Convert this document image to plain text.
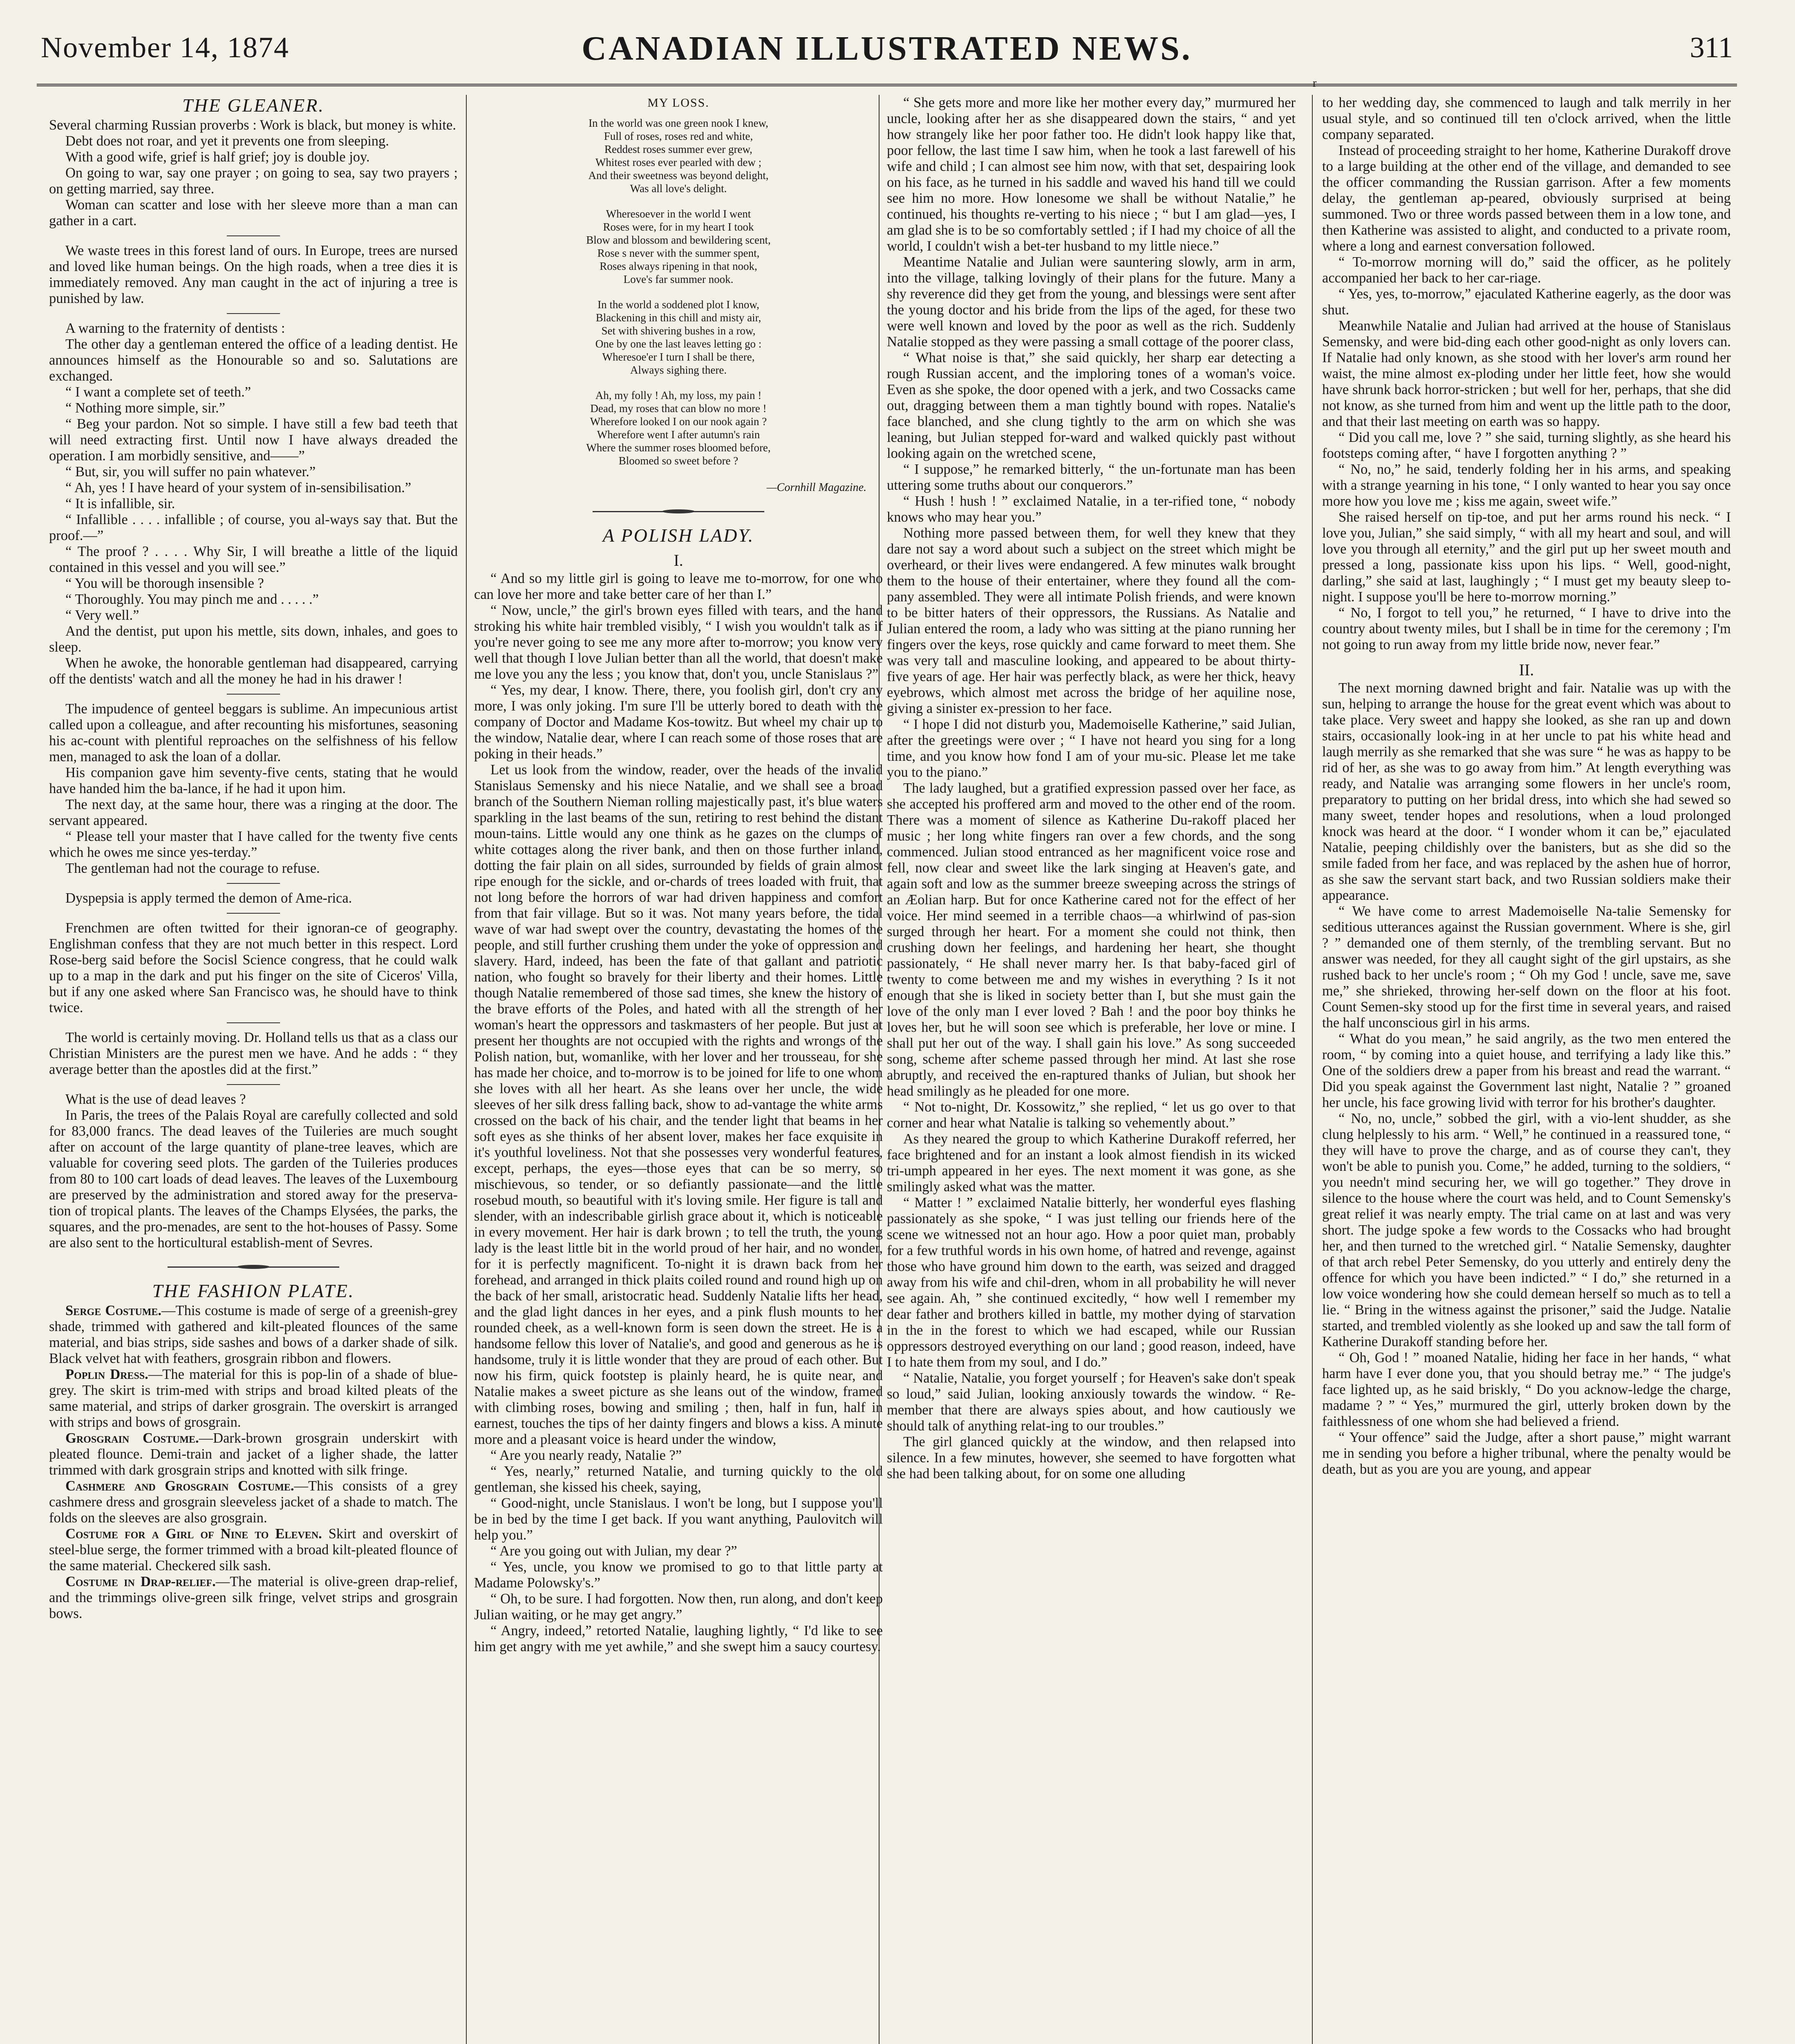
November 14, 1874	CANADIAN ILLUSTRATED NEWS.	311
r
THE GLEANER.

Several charming Russian proverbs : Work is black, but money is white.

Debt does not roar, and yet it prevents one from sleeping.

With a good wife, grief is half grief; joy is double joy.

On going to war, say one prayer ; on going to sea, say two prayers ; on getting married, say three.

Woman can scatter and lose with her sleeve more than a man can gather in a cart.

We waste trees in this forest land of ours. In Europe, trees are nursed and loved like human beings. On the high roads, when a tree dies it is immediately removed. Any man caught in the act of injuring a tree is punished by law.

A warning to the fraternity of dentists :

The other day a gentleman entered the office of a leading dentist. He announces himself as the Honourable so and so. Salutations are exchanged.

“ I want a complete set of teeth.”

“ Nothing more simple, sir.”

“ Beg your pardon. Not so simple. I have still a few bad teeth that will need extracting first. Until now I have always dreaded the operation. I am morbidly sensitive, and——”

“ But, sir, you will suffer no pain whatever.”

“ Ah, yes ! I have heard of your system of in-sensibilisation.”

“ It is infallible, sir.

“ Infallible . . . . infallible ; of course, you al-ways say that. But the proof.—”

“ The proof ? . . . . Why Sir, I will breathe a little of the liquid contained in this vessel and you will see.”

“ You will be thorough insensible ?

“ Thoroughly. You may pinch me and . . . . .”

“ Very well.”

And the dentist, put upon his mettle, sits down, inhales, and goes to sleep.

When he awoke, the honorable gentleman had disappeared, carrying off the dentists' watch and all the money he had in his drawer !

The impudence of genteel beggars is sublime. An impecunious artist called upon a colleague, and after recounting his misfortunes, seasoning his ac-count with plentiful reproaches on the selfishness of his fellow men, managed to ask the loan of a dollar.

His companion gave him seventy-five cents, stating that he would have handed him the ba-lance, if he had it upon him.

The next day, at the same hour, there was a ringing at the door. The servant appeared.

“ Please tell your master that I have called for the twenty five cents which he owes me since yes-terday.”

The gentleman had not the courage to refuse.

Dyspepsia is apply termed the demon of Ame-rica.

Frenchmen are often twitted for their ignoran-ce of geography. Englishman confess that they are not much better in this respect. Lord Rose-berg said before the Socisl Science congress, that he could walk up to a map in the dark and put his finger on the site of Ciceros' Villa, but if any one asked where San Francisco was, he should have to think twice.

The world is certainly moving. Dr. Holland tells us that as a class our Christian Ministers are the purest men we have. And he adds : “ they average better than the apostles did at the first.”

What is the use of dead leaves ?

In Paris, the trees of the Palais Royal are carefully collected and sold for 83,000 francs. The dead leaves of the Tuileries are much sought after on account of the large quantity of plane-tree leaves, which are valuable for covering seed plots. The garden of the Tuileries produces from 80 to 100 cart loads of dead leaves. The leaves of the Luxembourg are preserved by the administration and stored away for the preserva-tion of tropical plants. The leaves of the Champs Elysées, the parks, the squares, and the pro-menades, are sent to the hot-houses of Passy. Some are also sent to the horticultural establish-ment of Sevres.

THE FASHION PLATE.

Serge Costume.—This costume is made of serge of a greenish-grey shade, trimmed with gathered and kilt-pleated flounces of the same material, and bias strips, side sashes and bows of a darker shade of silk. Black velvet hat with feathers, grosgrain ribbon and flowers.

Poplin Dress.—The material for this is pop-lin of a shade of blue-grey. The skirt is trim-med with strips and broad kilted pleats of the same material, and strips of darker grosgrain. The overskirt is arranged with strips and bows of grosgrain.

Grosgrain Costume.—Dark-brown grosgrain underskirt with pleated flounce. Demi-train and jacket of a ligher shade, the latter trimmed with dark grosgrain strips and knotted with silk fringe.

Cashmere and Grosgrain Costume.—This consists of a grey cashmere dress and grosgrain sleeveless jacket of a shade to match. The folds on the sleeves are also grosgrain.

Costume for a Girl of Nine to Eleven. Skirt and overskirt of steel-blue serge, the former trimmed with a broad kilt-pleated flounce of the same material. Checkered silk sash.

Costume in Drap-relief.—The material is olive-green drap-relief, and the trimmings olive-green silk fringe, velvet strips and grosgrain bows.

MY LOSS.
In the world was one green nook I knew,
Full of roses, roses red and white,
Reddest roses summer ever grew,
Whitest roses ever pearled with dew ;
And their sweetness was beyond delight,
Was all love's delight.
Wheresoever in the world I went
Roses were, for in my heart I took
Blow and blossom and bewildering scent,
Rose s never with the summer spent,
Roses always ripening in that nook,
Love's far summer nook.
In the world a soddened plot I know,
Blackening in this chill and misty air,
Set with shivering bushes in a row,
One by one the last leaves letting go :
Wheresoe'er I turn I shall be there,
Always sighing there.
Ah, my folly ! Ah, my loss, my pain !
Dead, my roses that can blow no more !
Wherefore looked I on our nook again ?
Wherefore went I after autumn's rain
Where the summer roses bloomed before,
Bloomed so sweet before ?
—Cornhill Magazine.
A POLISH LADY.
I.

“ And so my little girl is going to leave me to-morrow, for one who can love her more and take better care of her than I.”

“ Now, uncle,” the girl's brown eyes filled with tears, and the hand stroking his white hair trembled visibly, “ I wish you wouldn't talk as if you're never going to see me any more after to-morrow; you know very well that though I love Julian better than all the world, that doesn't make me love you any the less ; you know that, don't you, uncle Stanislaus ?”

“ Yes, my dear, I know. There, there, you foolish girl, don't cry any more, I was only joking. I'm sure I'll be utterly bored to death with the company of Doctor and Madame Kos-towitz. But wheel my chair up to the window, Natalie dear, where I can reach some of those roses that are poking in their heads.”

Let us look from the window, reader, over the heads of the invalid Stanislaus Semensky and his niece Natalie, and we shall see a broad branch of the Southern Nieman rolling majestically past, it's blue waters sparkling in the last beams of the sun, retiring to rest behind the distant moun-tains. Little would any one think as he gazes on the clumps of white cottages along the river bank, and then on those further inland, dotting the fair plain on all sides, surrounded by fields of grain almost ripe enough for the sickle, and or-chards of trees loaded with fruit, that not long before the horrors of war had driven happiness and comfort from that fair village. But so it was. Not many years before, the tidal wave of war had swept over the country, devastating the homes of the people, and still further crushing them under the yoke of oppression and slavery. Hard, indeed, has been the fate of that gallant and patriotic nation, who fought so bravely for their liberty and their homes. Little though Natalie remembered of those sad times, she knew the history of the brave efforts of the Poles, and hated with all the strength of her woman's heart the oppressors and taskmasters of her people. But just at present her thoughts are not occupied with the rights and wrongs of the Polish nation, but, womanlike, with her lover and her trousseau, for she has made her choice, and to-morrow is to be joined for life to one whom she loves with all her heart. As she leans over her uncle, the wide sleeves of her silk dress falling back, show to ad-vantage the white arms crossed on the back of his chair, and the tender light that beams in her soft eyes as she thinks of her absent lover, makes her face exquisite in it's youthful loveliness. Not that she possesses very wonderful features, except, perhaps, the eyes—those eyes that can be so merry, so mischievous, so tender, or so defiantly passionate—and the little rosebud mouth, so beautiful with it's loving smile. Her figure is tall and slender, with an indescribable girlish grace about it, which is noticeable in every movement. Her hair is dark brown ; to tell the truth, the young lady is the least little bit in the world proud of her hair, and no wonder, for it is perfectly magnificent. To-night it is drawn back from her forehead, and arranged in thick plaits coiled round and round high up on the back of her small, aristocratic head. Suddenly Natalie lifts her head, and the glad light dances in her eyes, and a pink flush mounts to her rounded cheek, as a well-known form is seen down the street. He is a handsome fellow this lover of Natalie's, and good and generous as he is handsome, truly it is little wonder that they are proud of each other. But now his firm, quick footstep is plainly heard, he is quite near, and Natalie makes a sweet picture as she leans out of the window, framed with climbing roses, bowing and smiling ; then, half in fun, half in earnest, touches the tips of her dainty fingers and blows a kiss. A minute more and a pleasant voice is heard under the window,

“ Are you nearly ready, Natalie ?”

“ Yes, nearly,” returned Natalie, and turning quickly to the old gentleman, she kissed his cheek, saying,

“ Good-night, uncle Stanislaus. I won't be long, but I suppose you'll be in bed by the time I get back. If you want anything, Paulovitch will help you.”

“ Are you going out with Julian, my dear ?”

“ Yes, uncle, you know we promised to go to that little party at Madame Polowsky's.”

“ Oh, to be sure. I had forgotten. Now then, run along, and don't keep Julian waiting, or he may get angry.”

“ Angry, indeed,” retorted Natalie, laughing lightly, “ I'd like to see him get angry with me yet awhile,” and she swept him a saucy courtesy.

“ She gets more and more like her mother every day,” murmured her uncle, looking after her as she disappeared down the stairs, “ and yet how strangely like her poor father too. He didn't look happy like that, poor fellow, the last time I saw him, when he took a last farewell of his wife and child ; I can almost see him now, with that set, despairing look on his face, as he turned in his saddle and waved his hand till we could see him no more. How lonesome we shall be without Natalie,” he continued, his thoughts re-verting to his niece ; “ but I am glad—yes, I am glad she is to be so comfortably settled ; if I had my choice of all the world, I couldn't wish a bet-ter husband to my little niece.”

Meantime Natalie and Julian were sauntering slowly, arm in arm, into the village, talking lovingly of their plans for the future. Many a shy reverence did they get from the young, and blessings were sent after the young doctor and his bride from the lips of the aged, for these two were well known and loved by the poor as well as the rich. Suddenly Natalie stopped as they were passing a small cottage of the poorer class,

“ What noise is that,” she said quickly, her sharp ear detecting a rough Russian accent, and the imploring tones of a woman's voice. Even as she spoke, the door opened with a jerk, and two Cossacks came out, dragging between them a man tightly bound with ropes. Natalie's face blanched, and she clung tightly to the arm on which she was leaning, but Julian stepped for-ward and walked quickly past without looking again on the wretched scene,

“ I suppose,” he remarked bitterly, “ the un-fortunate man has been uttering some truths about our conquerors.”

“ Hush ! hush ! ” exclaimed Natalie, in a ter-rified tone, “ nobody knows who may hear you.”

Nothing more passed between them, for well they knew that they dare not say a word about such a subject on the street which might be overheard, or their lives were endangered. A few minutes walk brought them to the house of their entertainer, where they found all the com-pany assembled. They were all intimate Polish friends, and were known to be bitter haters of their oppressors, the Russians. As Natalie and Julian entered the room, a lady who was sitting at the piano running her fingers over the keys, rose quickly and came forward to meet them. She was very tall and masculine looking, and appeared to be about thirty-five years of age. Her hair was perfectly black, as were her thick, heavy eyebrows, which almost met across the bridge of her aquiline nose, giving a sinister ex-pression to her face.

“ I hope I did not disturb you, Mademoiselle Katherine,” said Julian, after the greetings were over ; “ I have not heard you sing for a long time, and you know how fond I am of your mu-sic. Please let me take you to the piano.”

The lady laughed, but a gratified expression passed over her face, as she accepted his proffered arm and moved to the other end of the room. There was a moment of silence as Katherine Du-rakoff placed her music ; her long white fingers ran over a few chords, and the song commenced. Julian stood entranced as her magnificent voice rose and fell, now clear and sweet like the lark singing at Heaven's gate, and again soft and low as the summer breeze sweeping across the strings of an Æolian harp. But for once Katherine cared not for the effect of her voice. Her mind seemed in a terrible chaos—a whirlwind of pas-sion surged through her heart. For a moment she could not think, then crushing down her feelings, and hardening her heart, she thought passionately, “ He shall never marry her. Is that baby-faced girl of twenty to come between me and my wishes in everything ? Is it not enough that she is liked in society better than I, but she must gain the love of the only man I ever loved ? Bah ! and the poor boy thinks he loves her, but he will soon see which is preferable, her love or mine. I shall put her out of the way. I shall gain his love.” As song succeeded song, scheme after scheme passed through her mind. At last she rose abruptly, and received the en-raptured thanks of Julian, but shook her head smilingly as he pleaded for one more.

“ Not to-night, Dr. Kossowitz,” she replied, “ let us go over to that corner and hear what Natalie is talking so vehemently about.”

As they neared the group to which Katherine Durakoff referred, her face brightened and for an instant a look almost fiendish in its wicked tri-umph appeared in her eyes. The next moment it was gone, as she smilingly asked what was the matter.

“ Matter ! ” exclaimed Natalie bitterly, her wonderful eyes flashing passionately as she spoke, “ I was just telling our friends here of the scene we witnessed not an hour ago. How a poor quiet man, probably for a few truthful words in his own home, of hatred and revenge, against those who have ground him down to the earth, was seized and dragged away from his wife and chil-dren, whom in all probability he will never see again. Ah, ” she continued excitedly, “ how well I remember my dear father and brothers killed in battle, my mother dying of starvation in the in the forest to which we had escaped, while our Russian oppressors destroyed everything on our land ; good reason, indeed, have I to hate them from my soul, and I do.”

“ Natalie, Natalie, you forget yourself ; for Heaven's sake don't speak so loud,” said Julian, looking anxiously towards the window. “ Re-member that there are always spies about, and how cautiously we should talk of anything relat-ing to our troubles.”

The girl glanced quickly at the window, and then relapsed into silence. In a few minutes, however, she seemed to have forgotten what she had been talking about, for on some one alluding

to her wedding day, she commenced to laugh and talk merrily in her usual style, and so continued till ten o'clock arrived, when the little company separated.

Instead of proceeding straight to her home, Katherine Durakoff drove to a large building at the other end of the village, and demanded to see the officer commanding the Russian garrison. After a few moments delay, the gentleman ap-peared, obviously surprised at being summoned. Two or three words passed between them in a low tone, and then Katherine was assisted to alight, and conducted to a private room, where a long and earnest conversation followed.

“ To-morrow morning will do,” said the officer, as he politely accompanied her back to her car-riage.

“ Yes, yes, to-morrow,” ejaculated Katherine eagerly, as the door was shut.

Meanwhile Natalie and Julian had arrived at the house of Stanislaus Semensky, and were bid-ding each other good-night as only lovers can. If Natalie had only known, as she stood with her lover's arm round her waist, the mine almost ex-ploding under her little feet, how she would have shrunk back horror-stricken ; but well for her, perhaps, that she did not know, as she turned from him and went up the little path to the door, and that their last meeting on earth was so happy.

“ Did you call me, love ? ” she said, turning slightly, as she heard his footsteps coming after, “ have I forgotten anything ? ”

“ No, no,” he said, tenderly folding her in his arms, and speaking with a strange yearning in his tone, “ I only wanted to hear you say once more how you love me ; kiss me again, sweet wife.”

She raised herself on tip-toe, and put her arms round his neck. “ I love you, Julian,” she said simply, “ with all my heart and soul, and will love you through all eternity,” and the girl put up her sweet mouth and pressed a long, passionate kiss upon his lips. “ Well, good-night, darling,” she said at last, laughingly ; “ I must get my beauty sleep to-night. I suppose you'll be here to-morrow morning.”

“ No, I forgot to tell you,” he returned, “ I have to drive into the country about twenty miles, but I shall be in time for the ceremony ; I'm not going to run away from my little bride now, never fear.”

II.

The next morning dawned bright and fair. Natalie was up with the sun, helping to arrange the house for the great event which was about to take place. Very sweet and happy she looked, as she ran up and down stairs, occasionally look-ing in at her uncle to pat his white head and laugh merrily as she remarked that she was sure “ he was as happy to be rid of her, as she was to go away from him.” At length everything was ready, and Natalie was arranging some flowers in her uncle's room, preparatory to putting on her bridal dress, into which she had sewed so many sweet, tender hopes and resolutions, when a loud prolonged knock was heard at the door. “ I wonder whom it can be,” ejaculated Natalie, peeping childishly over the banisters, but as she did so the smile faded from her face, and was replaced by the ashen hue of horror, as she saw the servant start back, and two Russian soldiers make their appearance.

“ We have come to arrest Mademoiselle Na-talie Semensky for seditious utterances against the Russian government. Where is she, girl ? ” demanded one of them sternly, of the trembling servant. But no answer was needed, for they all caught sight of the girl upstairs, as she rushed back to her uncle's room ; “ Oh my God ! uncle, save me, save me,” she shrieked, throwing her-self down on the floor at his foot. Count Semen-sky stood up for the first time in several years, and raised the half unconscious girl in his arms.

“ What do you mean,” he said angrily, as the two men entered the room, “ by coming into a quiet house, and terrifying a lady like this.” One of the soldiers drew a paper from his breast and read the warrant. “ Did you speak against the Government last night, Natalie ? ” groaned her uncle, his face growing livid with terror for his brother's daughter.

“ No, no, uncle,” sobbed the girl, with a vio-lent shudder, as she clung helplessly to his arm. “ Well,” he continued in a reassured tone, “ they will have to prove the charge, and as of course they can't, they won't be able to punish you. Come,” he added, turning to the soldiers, “ you needn't mind securing her, we will go together.” They drove in silence to the house where the court was held, and to Count Semensky's great relief it was nearly empty. The trial came on at last and was very short. The judge spoke a few words to the Cossacks who had brought her, and then turned to the wretched girl. “ Natalie Semensky, daughter of that arch rebel Peter Semensky, do you utterly and entirely deny the offence for which you have been indicted.” “ I do,” she returned in a low voice wondering how she could demean herself so much as to tell a lie. “ Bring in the witness against the prisoner,” said the Judge. Natalie started, and trembled violently as she looked up and saw the tall form of Katherine Durakoff standing before her.

“ Oh, God ! ” moaned Natalie, hiding her face in her hands, “ what harm have I ever done you, that you should betray me.” “ The judge's face lighted up, as he said briskly, “ Do you acknow-ledge the charge, madame ? ” “ Yes,” murmured the girl, utterly broken down by the faithlessness of one whom she had believed a friend.

“ Your offence” said the Judge, after a short pause,” might warrant me in sending you before a higher tribunal, where the penalty would be death, but as you are you are young, and appear
